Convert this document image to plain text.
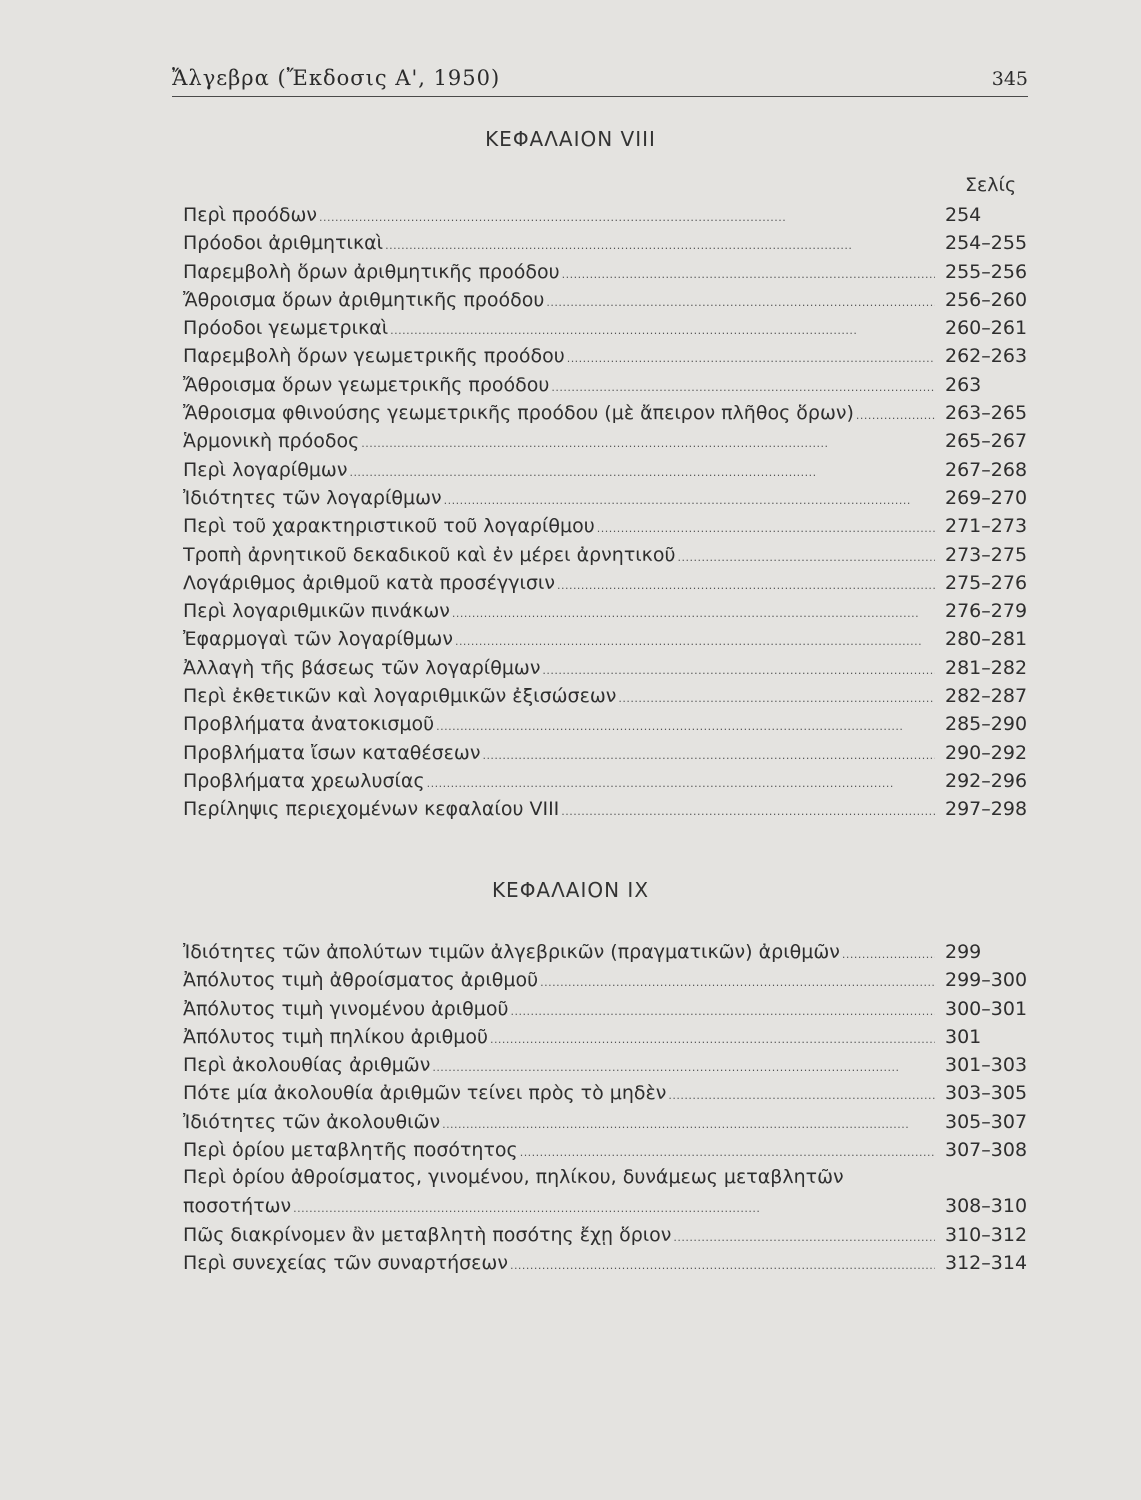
Ἄλγεβρα (Ἔκδοσις Α', 1950)	345
ΚΕΦΑΛΑΙΟΝ VIII
Σελίς
Περὶ προόδων . . .	254
Πρόοδοι ἀριθμητικαὶ . . .	254–255
Παρεμβολὴ ὅρων ἀριθμητικῆς προόδου . . .	255–256
Ἄθροισμα ὅρων ἀριθμητικῆς προόδου . . .	256–260
Πρόοδοι γεωμετρικαὶ . . .	260–261
Παρεμβολὴ ὅρων γεωμετρικῆς προόδου . . .	262–263
Ἄθροισμα ὅρων γεωμετρικῆς προόδου . . .	263
Ἄθροισμα φθινούσης γεωμετρικῆς προόδου (μὲ ἄπειρον πλῆθος ὅρων) . . .	263–265
Ἁρμονικὴ πρόοδος . . .	265–267
Περὶ λογαρίθμων . . .	267–268
Ἰδιότητες τῶν λογαρίθμων . . .	269–270
Περὶ τοῦ χαρακτηριστικοῦ τοῦ λογαρίθμου . . .	271–273
Τροπὴ ἀρνητικοῦ δεκαδικοῦ καὶ ἐν μέρει ἀρνητικοῦ . . .	273–275
Λογάριθμος ἀριθμοῦ κατὰ προσέγγισιν . . .	275–276
Περὶ λογαριθμικῶν πινάκων . . .	276–279
Ἐφαρμογαὶ τῶν λογαρίθμων . . .	280–281
Ἀλλαγὴ τῆς βάσεως τῶν λογαρίθμων . . .	281–282
Περὶ ἐκθετικῶν καὶ λογαριθμικῶν ἐξισώσεων . . .	282–287
Προβλήματα ἀνατοκισμοῦ . . .	285–290
Προβλήματα ἴσων καταθέσεων . . .	290–292
Προβλήματα χρεωλυσίας . . .	292–296
Περίληψις περιεχομένων κεφαλαίου VIII . . .	297–298
ΚΕΦΑΛΑΙΟΝ ΙΧ
Ἰδιότητες τῶν ἀπολύτων τιμῶν ἀλγεβρικῶν (πραγματικῶν) ἀριθμῶν . . .	299
Ἀπόλυτος τιμὴ ἀθροίσματος ἀριθμοῦ . . .	299–300
Ἀπόλυτος τιμὴ γινομένου ἀριθμοῦ . . .	300–301
Ἀπόλυτος τιμὴ πηλίκου ἀριθμοῦ . . .	301
Περὶ ἀκολουθίας ἀριθμῶν . . .	301–303
Πότε μία ἀκολουθία ἀριθμῶν τείνει πρὸς τὸ μηδὲν . . .	303–305
Ἰδιότητες τῶν ἀκολουθιῶν . . .	305–307
Περὶ ὁρίου μεταβλητῆς ποσότητος . . .	307–308
Περὶ ὁρίου ἀθροίσματος, γινομένου, πηλίκου, δυνάμεως μεταβλητῶν ποσοτήτων . . .	308–310
Πῶς διακρίνομεν ἂν μεταβλητὴ ποσότης ἔχῃ ὅριον . . .	310–312
Περὶ συνεχείας τῶν συναρτήσεων . . .	312–314
